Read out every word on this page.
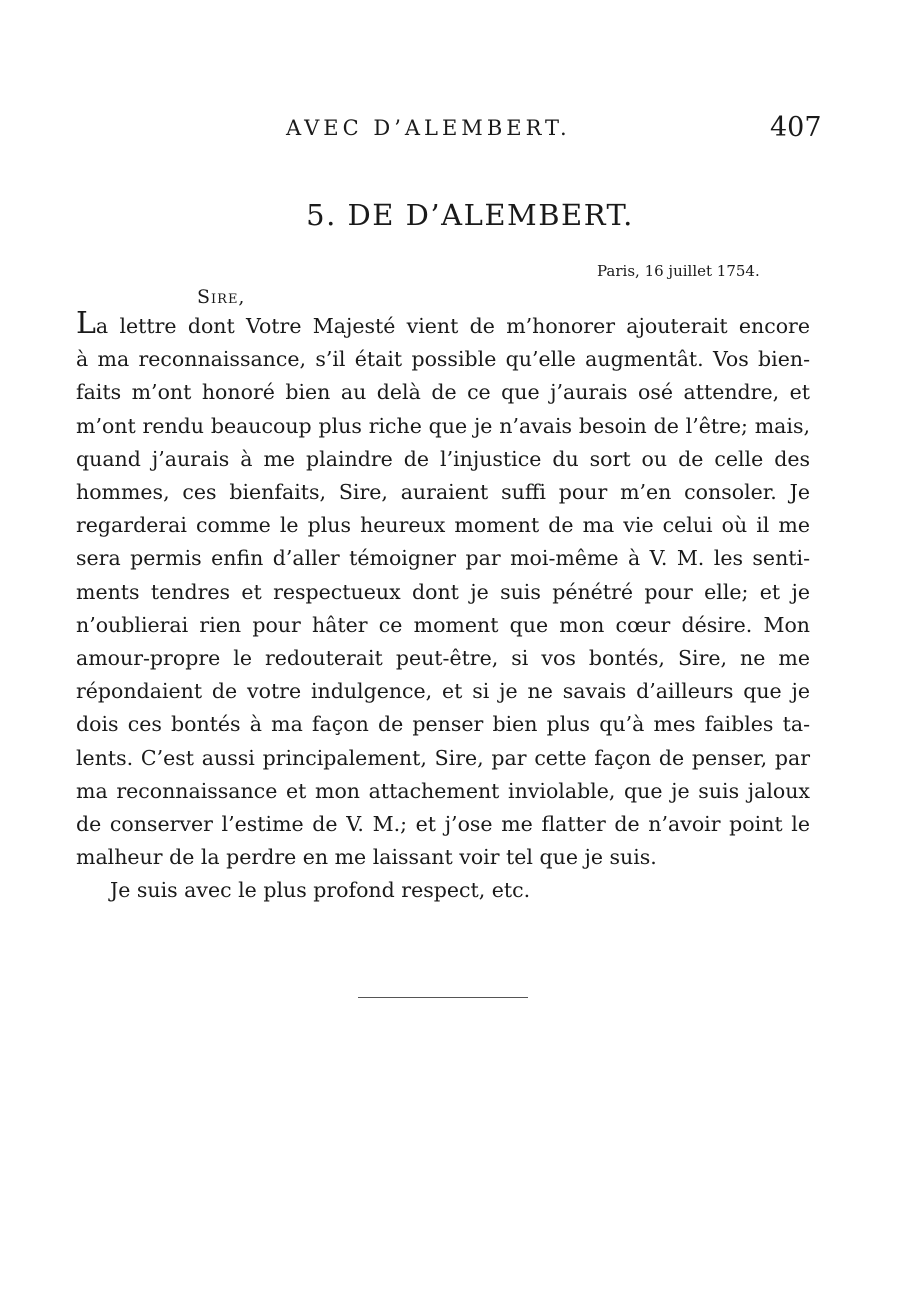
AVEC D’ALEMBERT.	407
5. DE D’ALEMBERT.
Paris, 16 juillet 1754.
Sire,
La lettre dont Votre Majesté vient de m’honorer ajouterait encore
à ma reconnaissance, s’il était possible qu’elle augmentât. Vos bien-
faits m’ont honoré bien au delà de ce que j’aurais osé attendre, et
m’ont rendu beaucoup plus riche que je n’avais besoin de l’être; mais,
quand j’aurais à me plaindre de l’injustice du sort ou de celle des
hommes, ces bienfaits, Sire, auraient suffi pour m’en consoler. Je
regarderai comme le plus heureux moment de ma vie celui où il me
sera permis enfin d’aller témoigner par moi-même à V. M. les senti-
ments tendres et respectueux dont je suis pénétré pour elle; et je
n’oublierai rien pour hâter ce moment que mon cœur désire. Mon
amour-propre le redouterait peut-être, si vos bontés, Sire, ne me
répondaient de votre indulgence, et si je ne savais d’ailleurs que je
dois ces bontés à ma façon de penser bien plus qu’à mes faibles ta-
lents. C’est aussi principalement, Sire, par cette façon de penser, par
ma reconnaissance et mon attachement inviolable, que je suis jaloux
de conserver l’estime de V. M.; et j’ose me flatter de n’avoir point le
malheur de la perdre en me laissant voir tel que je suis.
Je suis avec le plus profond respect, etc.
